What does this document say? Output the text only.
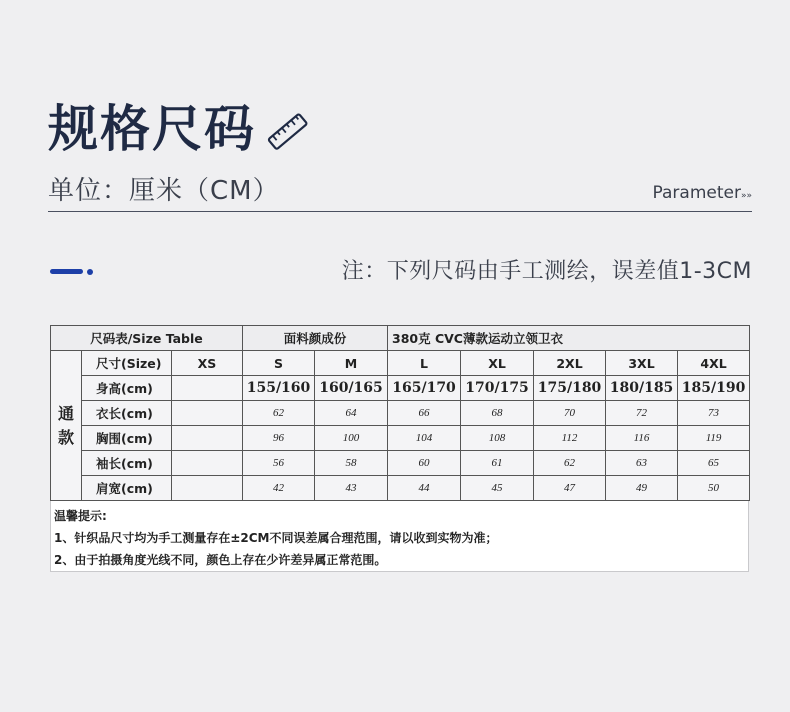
规格尺码
单位：厘米（CM）	Parameter»»
注：下列尺码由手工测绘，误差值1-3CM
尺码表/Size Table			面料颜成份		380克 CVC薄款运动立领卫衣				
通款	尺寸(Size)	XS	S	M	L	XL	2XL	3XL	4XL
	身高(cm)		155/160	160/165	165/170	170/175	175/180	180/185	185/190
	衣长(cm)		62	64	66	68	70	72	73
	胸围(cm)		96	100	104	108	112	116	119
	袖长(cm)		56	58	60	61	62	63	65
	肩宽(cm)		42	43	44	45	47	49	50
温馨提示:
1、针织品尺寸均为手工测量存在±2CM不同误差属合理范围，请以收到实物为准；
2、由于拍摄角度光线不同，颜色上存在少许差异属正常范围。
